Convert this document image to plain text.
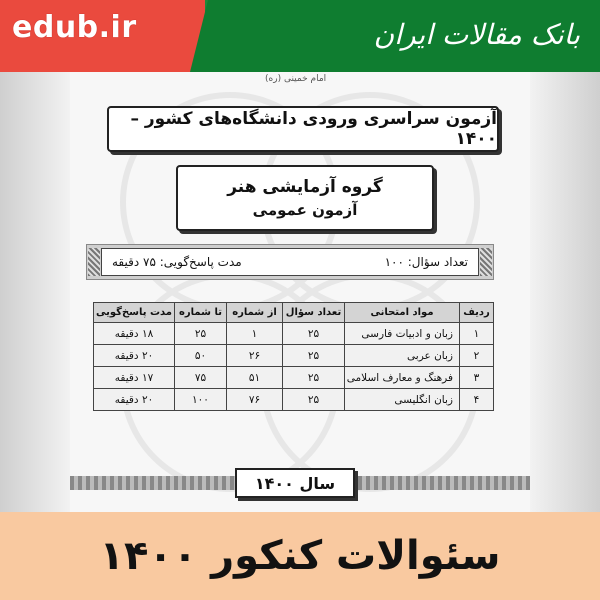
edub.ir	بانک مقالات ایران
امام خمینی (ره)
آزمون سراسری ورودی دانشگاه‌های کشور – ۱۴۰۰
گروه آزمایشی هنر
آزمون عمومی
تعداد سؤال: ۱۰۰
مدت پاسخ‌گویی: ۷۵ دقیقه
ردیف	مواد امتحانی	تعداد سؤال	از شماره	تا شماره	مدت پاسخ‌گویی
۱	زبان و ادبیات فارسی	۲۵	۱	۲۵	۱۸ دقیقه
۲	زبان عربی	۲۵	۲۶	۵۰	۲۰ دقیقه
۳	فرهنگ و معارف اسلامی	۲۵	۵۱	۷۵	۱۷ دقیقه
۴	زبان انگلیسی	۲۵	۷۶	۱۰۰	۲۰ دقیقه
سال ۱۴۰۰
سئوالات کنکور ۱۴۰۰
